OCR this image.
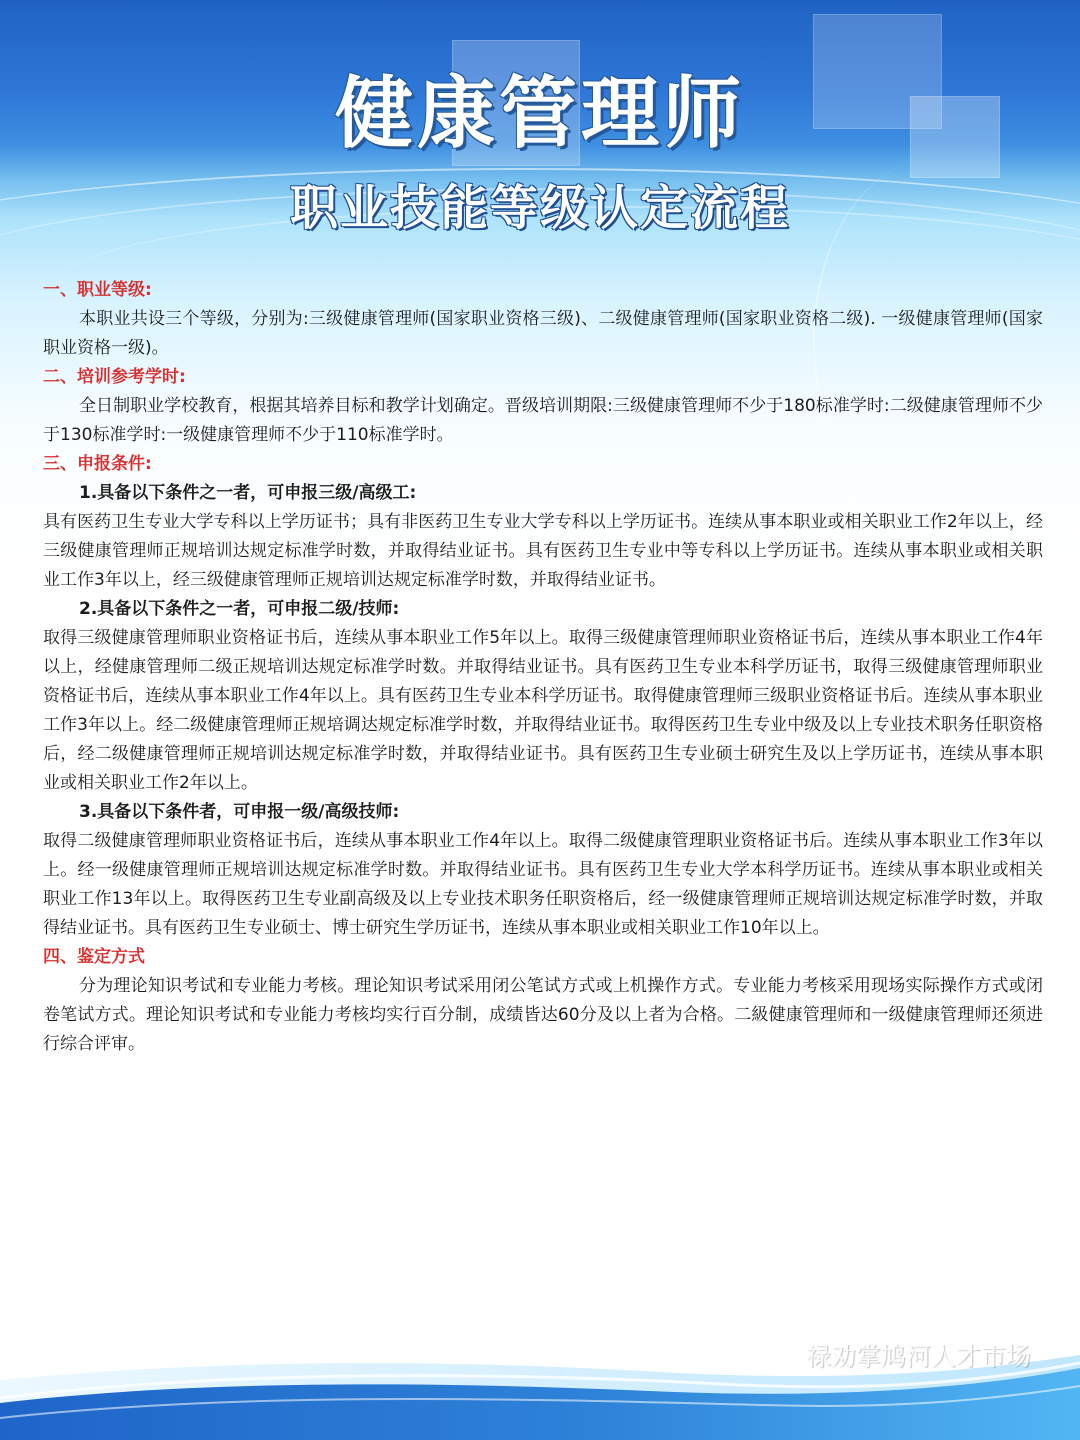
健康管理师
职业技能等级认定流程
一、职业等级:

本职业共设三个等级，分别为:三级健康管理师(国家职业资格三级)、二级健康管理师(国家职业资格二级). 一级健康管理师(国家职业资格一级)。

二、培训参考学时:

全日制职业学校教育，根据其培养目标和教学计划确定。晋级培训期限:三级健康管理师不少于180标准学时:二级健康管理师不少于130标准学时:一级健康管理师不少于110标准学时。

三、申报条件:
1.具备以下条件之一者，可申报三级/高级工:

具有医药卫生专业大学专科以上学历证书；具有非医药卫生专业大学专科以上学历证书。连续从事本职业或相关职业工作2年以上，经三级健康管理师正规培训达规定标准学时数，并取得结业证书。具有医药卫生专业中等专科以上学历证书。连续从事本职业或相关职业工作3年以上，经三级健康管理师正规培训达规定标准学时数，并取得结业证书。

2.具备以下条件之一者，可申报二级/技师:

取得三级健康管理师职业资格证书后，连续从事本职业工作5年以上。取得三级健康管理师职业资格证书后，连续从事本职业工作4年以上，经健康管理师二级正规培训达规定标准学时数。并取得结业证书。具有医药卫生专业本科学历证书，取得三级健康管理师职业资格证书后，连续从事本职业工作4年以上。具有医药卫生专业本科学历证书。取得健康管理师三级职业资格证书后。连续从事本职业工作3年以上。经二级健康管理师正规培调达规定标准学时数，并取得结业证书。取得医药卫生专业中级及以上专业技术职务任职资格后，经二级健康管理师正规培训达规定标准学时数，并取得结业证书。具有医药卫生专业硕士研究生及以上学历证书，连续从事本职业或相关职业工作2年以上。

3.具备以下条件者，可申报一级/高级技师:

取得二级健康管理师职业资格证书后，连续从事本职业工作4年以上。取得二级健康管理职业资格证书后。连续从事本职业工作3年以上。经一级健康管理师正规培训达规定标准学时数。并取得结业证书。具有医药卫生专业大学本科学历证书。连续从事本职业或相关职业工作13年以上。取得医药卫生专业副高级及以上专业技术职务任职资格后，经一级健康管理师正规培训达规定标准学时数，并取得结业证书。具有医药卫生专业硕士、博士研究生学历证书，连续从事本职业或相关职业工作10年以上。

四、鉴定方式

分为理论知识考试和专业能力考核。理论知识考试采用闭公笔试方式或上机操作方式。专业能力考核采用现场实际操作方式或闭卷笔试方式。理论知识考试和专业能力考核均实行百分制，成绩皆达60分及以上者为合格。二級健康管理师和一级健康管理师还须进行综合评审。

禄劝掌鸠河人才市场
